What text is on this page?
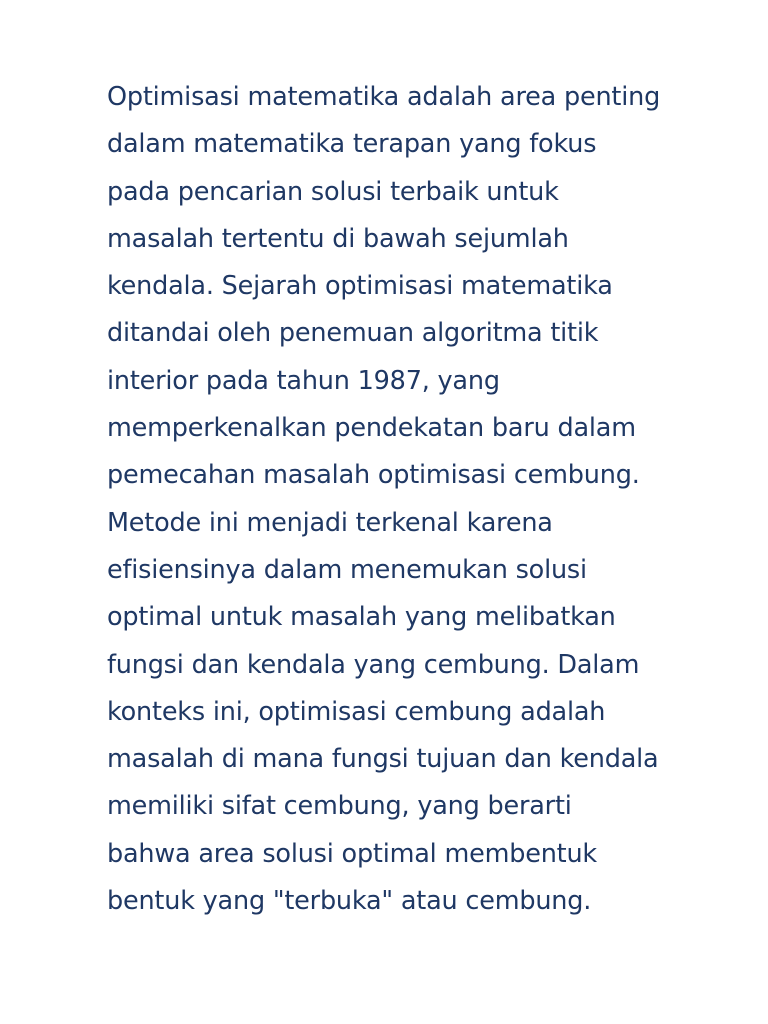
Optimisasi matematika adalah area penting
dalam matematika terapan yang fokus
pada pencarian solusi terbaik untuk
masalah tertentu di bawah sejumlah
kendala. Sejarah optimisasi matematika
ditandai oleh penemuan algoritma titik
interior pada tahun 1987, yang
memperkenalkan pendekatan baru dalam
pemecahan masalah optimisasi cembung.
Metode ini menjadi terkenal karena
efisiensinya dalam menemukan solusi
optimal untuk masalah yang melibatkan
fungsi dan kendala yang cembung. Dalam
konteks ini, optimisasi cembung adalah
masalah di mana fungsi tujuan dan kendala
memiliki sifat cembung, yang berarti
bahwa area solusi optimal membentuk
bentuk yang "terbuka" atau cembung.
